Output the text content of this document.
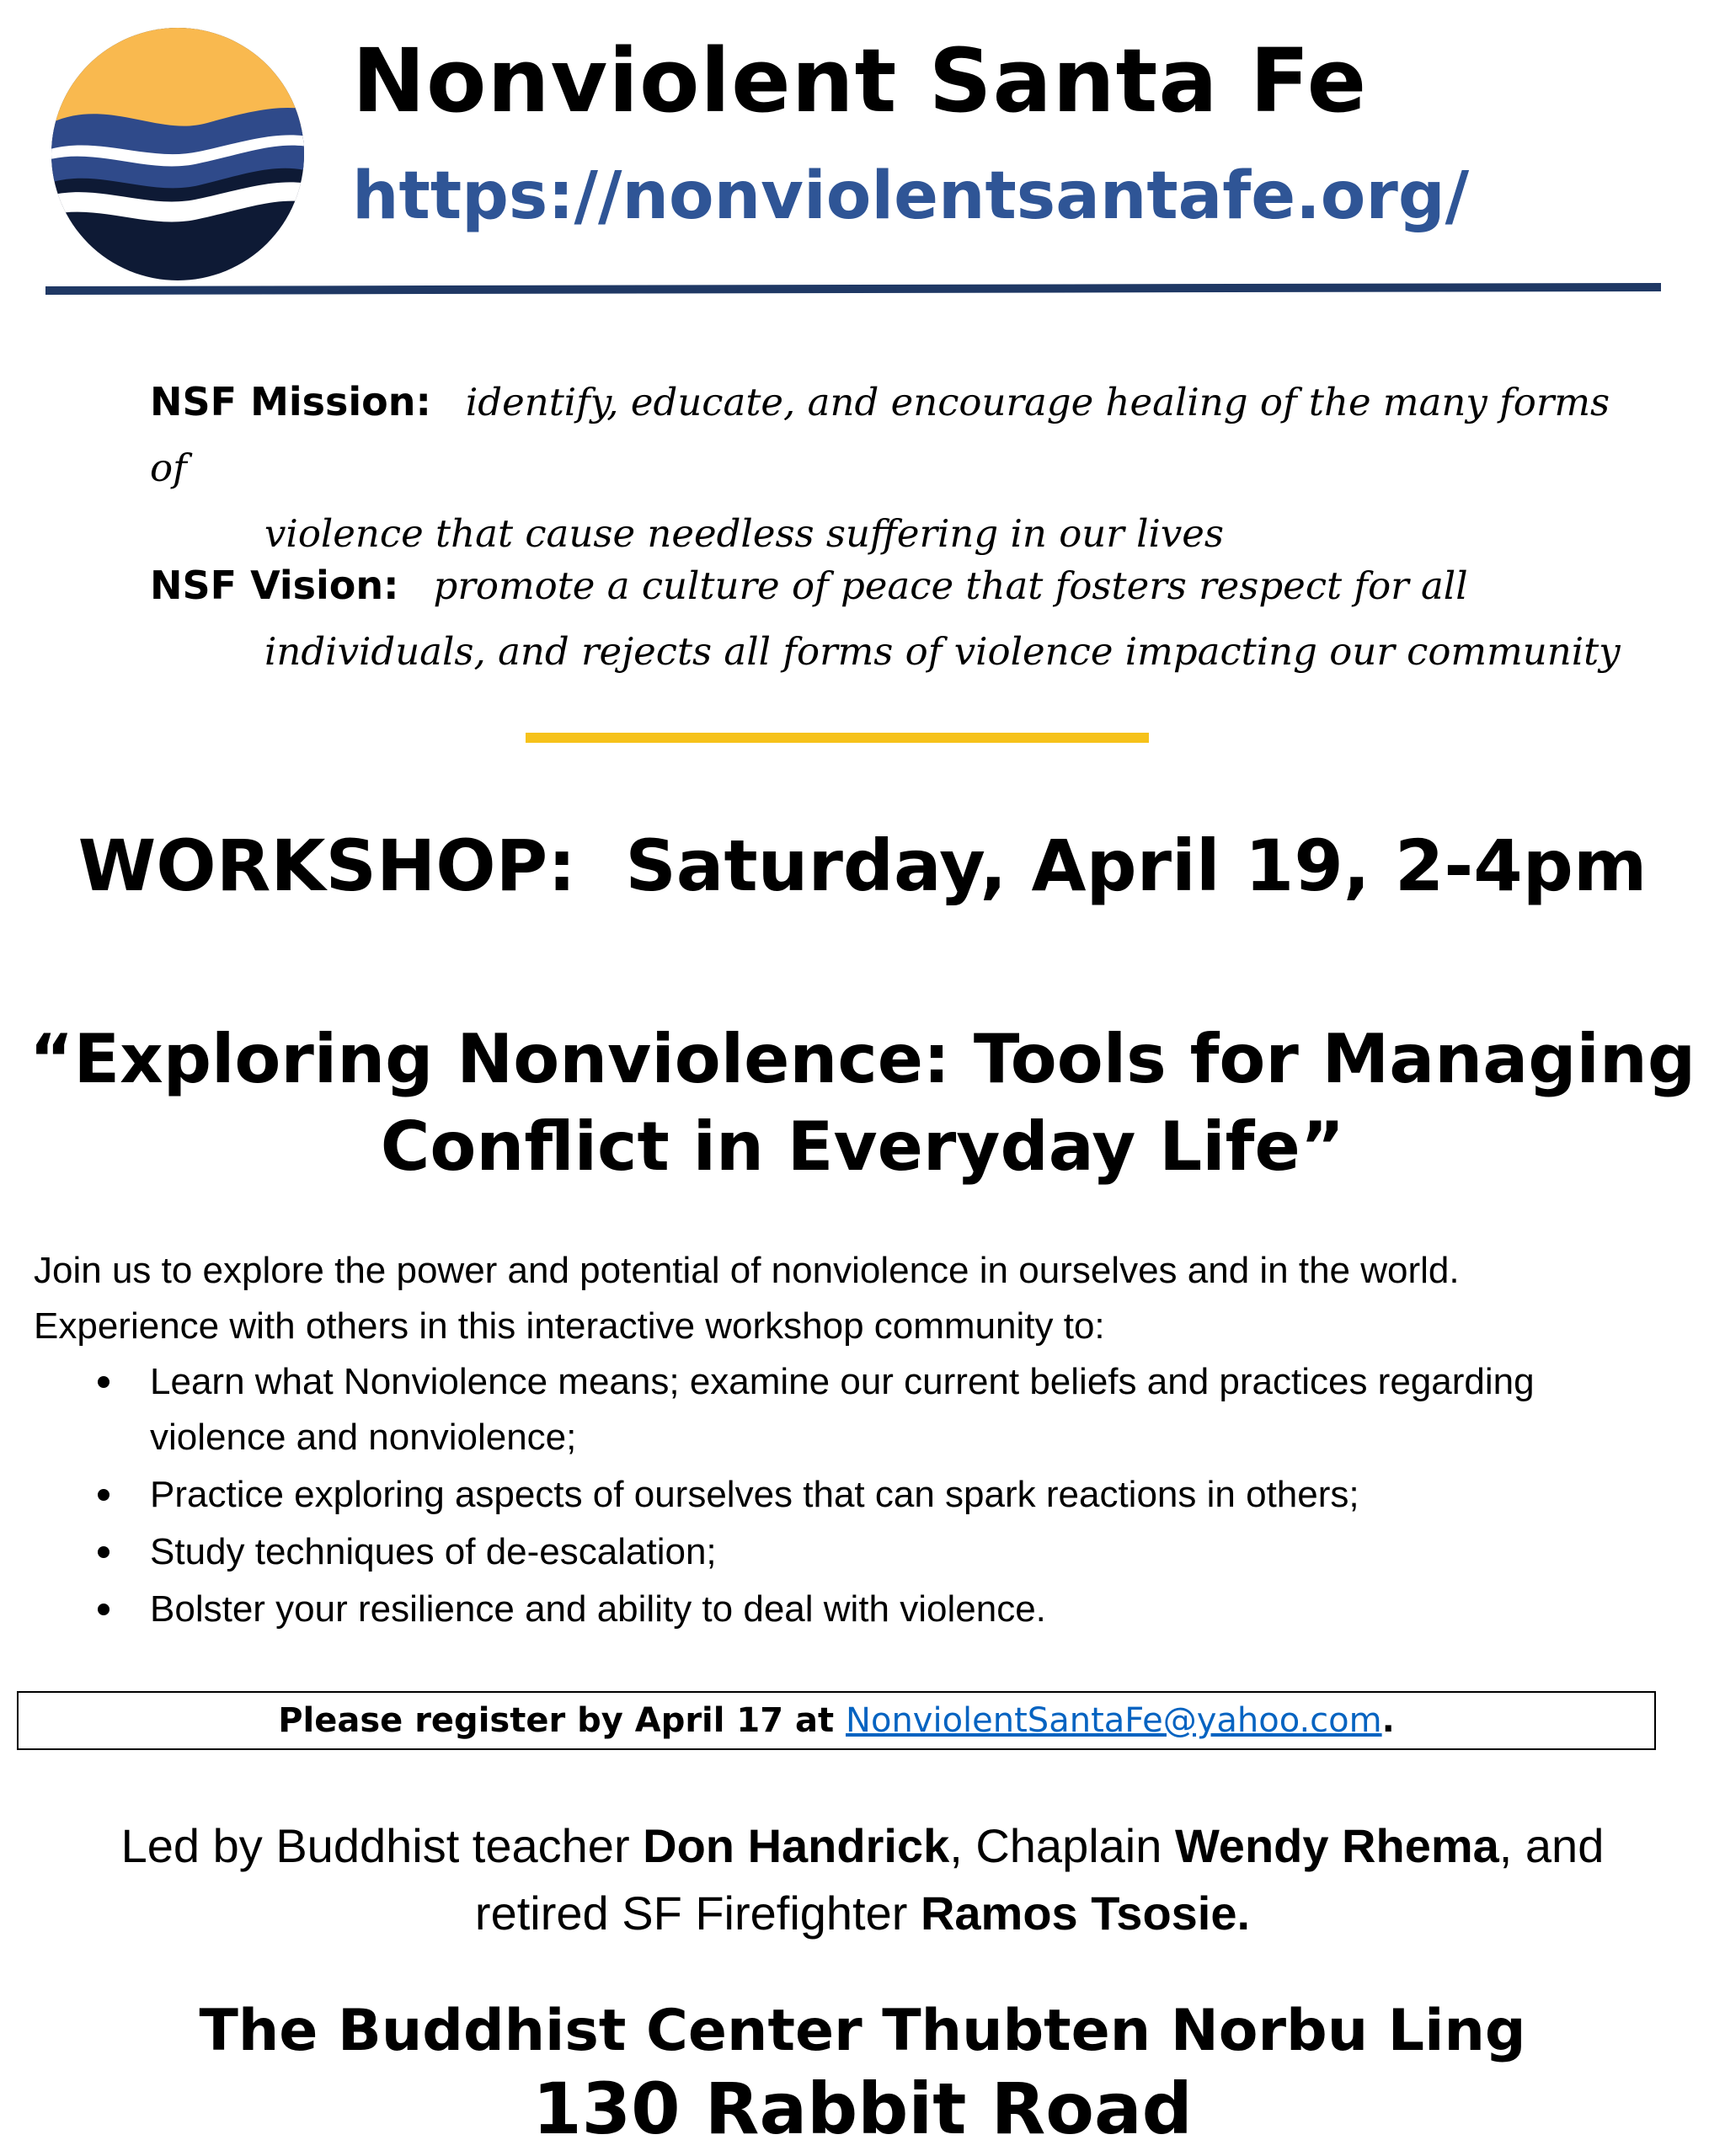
Nonviolent Santa Fe
https://nonviolentsantafe.org/
NSF Mission: identify, educate, and encourage healing of the many forms of
violence that cause needless suffering in our lives
NSF Vision: promote a culture of peace that fosters respect for all
individuals, and rejects all forms of violence impacting our community
WORKSHOP:  Saturday, April 19, 2-4pm
“Exploring Nonviolence: Tools for Managing
Conflict in Everyday Life”
Join us to explore the power and potential of nonviolence in ourselves and in the world.
Experience with others in this interactive workshop community to:
Learn what Nonviolence means; examine our current beliefs and practices regarding violence and nonviolence;
Practice exploring aspects of ourselves that can spark reactions in others;
Study techniques of de-escalation;
Bolster your resilience and ability to deal with violence.
Please register by April 17 at NonviolentSantaFe@yahoo.com.
Led by Buddhist teacher Don Handrick, Chaplain Wendy Rhema, and
retired SF Firefighter Ramos Tsosie.
The Buddhist Center Thubten Norbu Ling
130 Rabbit Road
